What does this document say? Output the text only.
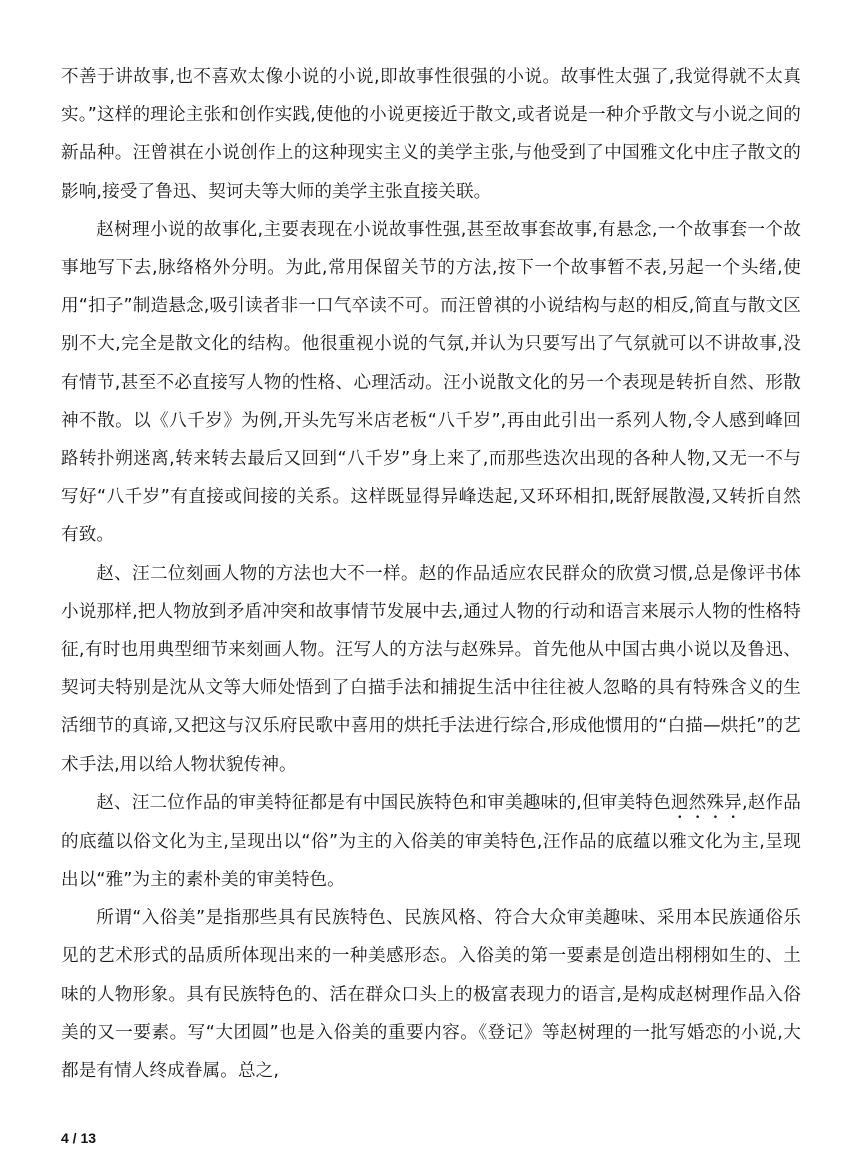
不善于讲故事,也不喜欢太像小说的小说,即故事性很强的小说。故事性太强了,我觉得就不太真实。”这样的理论主张和创作实践,使他的小说更接近于散文,或者说是一种介乎散文与小说之间的新品种。汪曾祺在小说创作上的这种现实主义的美学主张,与他受到了中国雅文化中庄子散文的影响,接受了鲁迅、契诃夫等大师的美学主张直接关联。

赵树理小说的故事化,主要表现在小说故事性强,甚至故事套故事,有悬念,一个故事套一个故事地写下去,脉络格外分明。为此,常用保留关节的方法,按下一个故事暂不表,另起一个头绪,使用“扣子”制造悬念,吸引读者非一口气卒读不可。而汪曾祺的小说结构与赵的相反,简直与散文区别不大,完全是散文化的结构。他很重视小说的气氛,并认为只要写出了气氛就可以不讲故事,没有情节,甚至不必直接写人物的性格、心理活动。汪小说散文化的另一个表现是转折自然、形散神不散。以《八千岁》为例,开头先写米店老板“八千岁”,再由此引出一系列人物,令人感到峰回路转扑朔迷离,转来转去最后又回到“八千岁”身上来了,而那些迭次出现的各种人物,又无一不与写好“八千岁”有直接或间接的关系。这样既显得异峰迭起,又环环相扣,既舒展散漫,又转折自然有致。

赵、汪二位刻画人物的方法也大不一样。赵的作品适应农民群众的欣赏习惯,总是像评书体小说那样,把人物放到矛盾冲突和故事情节发展中去,通过人物的行动和语言来展示人物的性格特征,有时也用典型细节来刻画人物。汪写人的方法与赵殊异。首先他从中国古典小说以及鲁迅、契诃夫特别是沈从文等大师处悟到了白描手法和捕捉生活中往往被人忽略的具有特殊含义的生活细节的真谛,又把这与汉乐府民歌中喜用的烘托手法进行综合,形成他惯用的“白描—烘托”的艺术手法,用以给人物状貌传神。

赵、汪二位作品的审美特征都是有中国民族特色和审美趣味的,但审美特色迥然殊异,赵作品的底蕴以俗文化为主,呈现出以“俗”为主的入俗美的审美特色,汪作品的底蕴以雅文化为主,呈现出以“雅”为主的素朴美的审美特色。

所谓“入俗美”是指那些具有民族特色、民族风格、符合大众审美趣味、采用本民族通俗乐见的艺术形式的品质所体现出来的一种美感形态。入俗美的第一要素是创造出栩栩如生的、土味的人物形象。具有民族特色的、活在群众口头上的极富表现力的语言,是构成赵树理作品入俗美的又一要素。写“大团圆”也是入俗美的重要内容。《登记》等赵树理的一批写婚恋的小说,大都是有情人终成眷属。总之,

4 / 13
